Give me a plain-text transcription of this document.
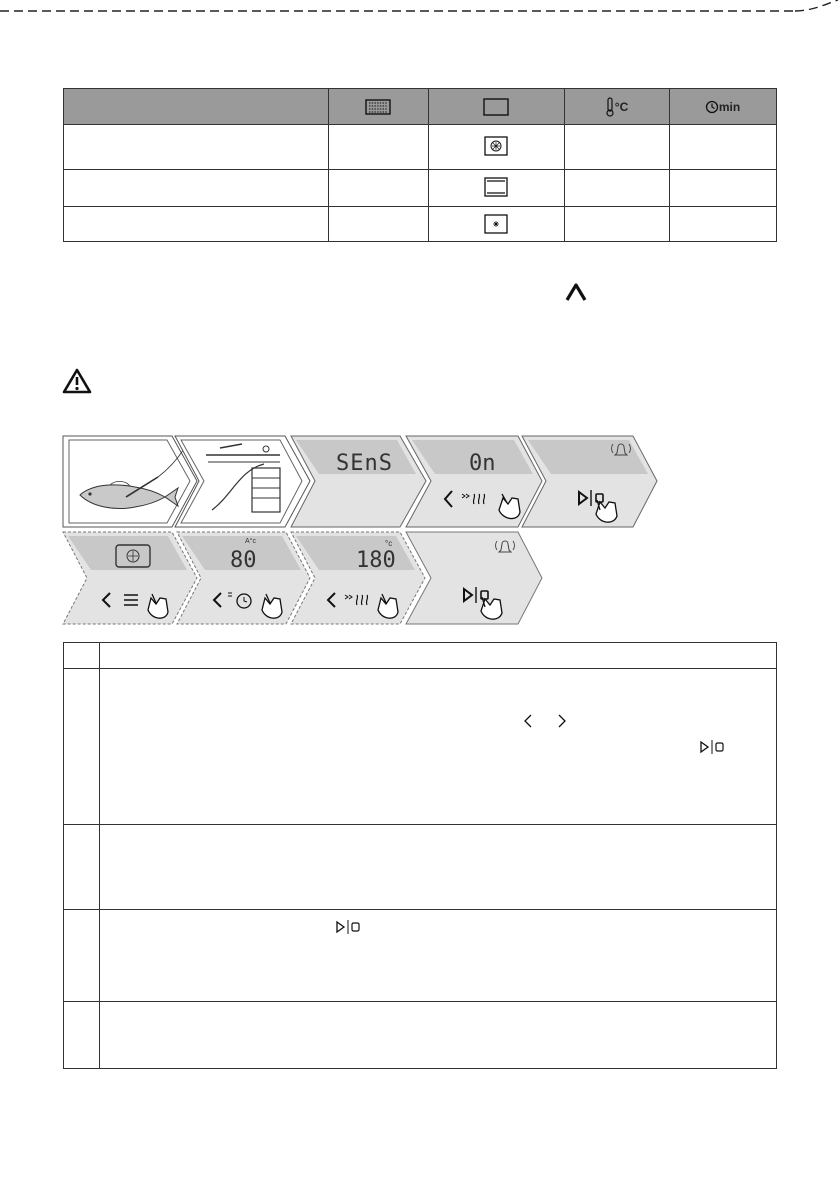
°C	min
SEnS	0n
80
A°c
180
°c
